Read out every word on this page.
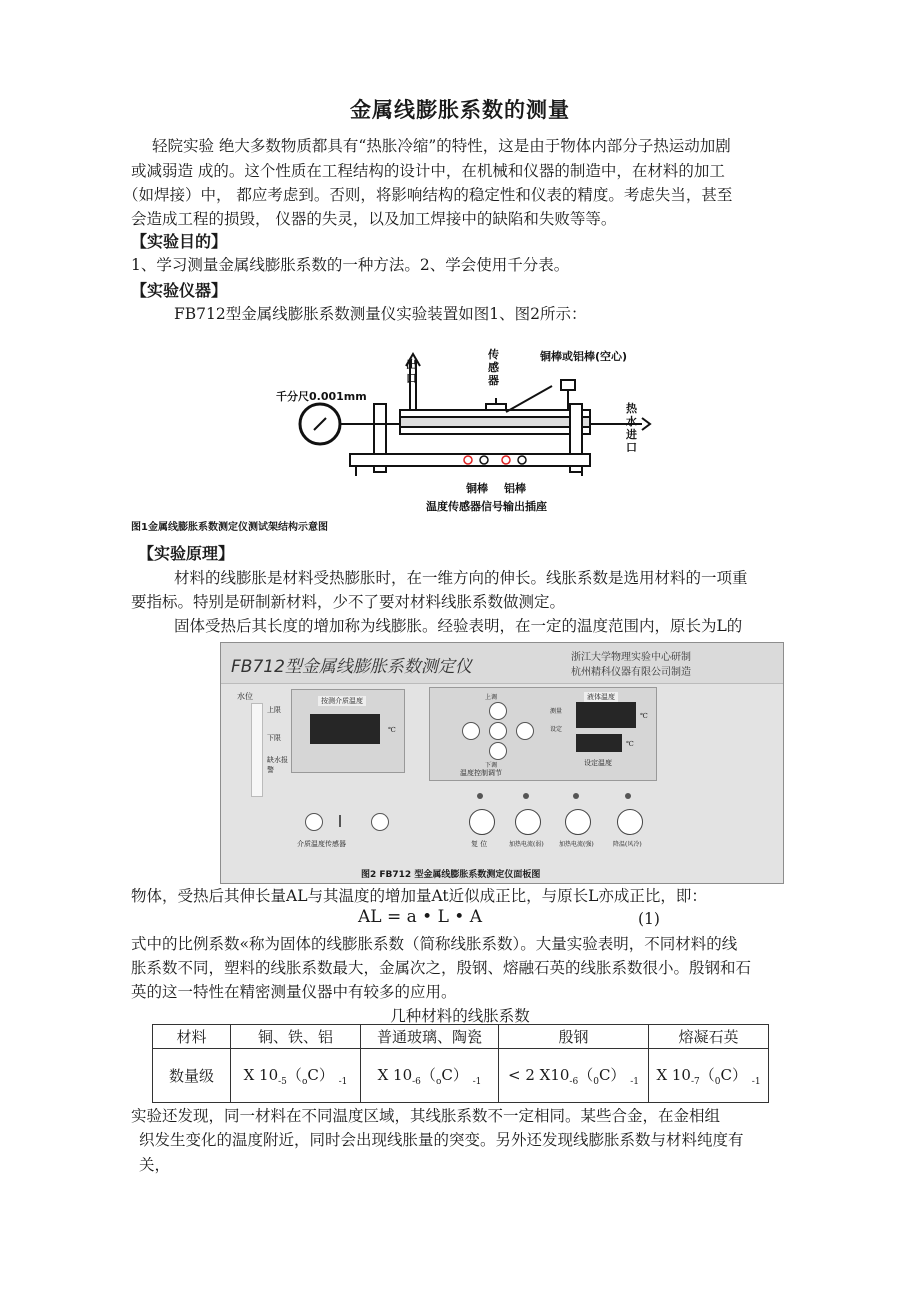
金属线膨胀系数的测量
轻院实验 绝大多数物质都具有“热胀冷缩”的特性，这是由于物体内部分子热运动加剧
或减弱造 成的。这个性质在工程结构的设计中，在机械和仪器的制造中，在材料的加工
（如焊接）中， 都应考虑到。否则，将影响结构的稳定性和仪表的精度。考虑失当，甚至
会造成工程的损毁， 仪器的失灵，以及加工焊接中的缺陷和失败等等。
【实验目的】
1、学习测量金属线膨胀系数的一种方法。2、学会使用千分表。
【实验仪器】
FB712型金属线膨胀系数测量仪实验装置如图1、图2所示：
出
口
传
感
器
铜棒或铝棒(空心)
千分尺0.001mm
热
水
进
口
铜棒 铝棒
温度传感器信号输出插座
图1金属线膨胀系数测定仪测试架结构示意图
【实验原理】
材料的线膨胀是材料受热膨胀时，在一维方向的伸长。线胀系数是选用材料的一项重
要指标。特别是研制新材料，少不了要对材料线胀系数做测定。
固体受热后其长度的增加称为线膨胀。经验表明，在一定的温度范围内，原长为L的
FB712型金属线膨胀系数测定仪	浙江大学物理实验中心研制
杭州精科仪器有限公司制造
水位
上限
下限
缺水报警
按测介质温度
℃
上调
下调
温度控制调节
测量
设定
液体温度
℃
℃
设定温度
介质温度传感器	复 位	加热电流(弱)	加热电流(强)	降温(风冷)
图2 FB712 型金属线膨胀系数测定仪面板图
物体，受热后其伸长量AL与其温度的增加量At近似成正比，与原长L亦成正比，即：
AL = a • L • A	(1)
式中的比例系数«称为固体的线膨胀系数（简称线胀系数）。大量实验表明，不同材料的线
胀系数不同，塑料的线胀系数最大，金属次之，殷钢、熔融石英的线胀系数很小。殷钢和石
英的这一特性在精密测量仪器中有较多的应用。
几种材料的线胀系数
材料	铜、铁、铝	普通玻璃、陶瓷	殷钢	熔凝石英
数量级	X $10_{-5}(_oC)$ $_{-1}$	X $10_{-6}(_oC)$ $_{-1}$	< 2 $X10_{-6}(_0C)$ $_{-1}$	X $10_{-7}(_0C)$ $_{-1}$
实验还发现，同一材料在不同温度区域，其线胀系数不一定相同。某些合金，在金相组
织发生变化的温度附近，同时会出现线胀量的突变。另外还发现线膨胀系数与材料纯度有
关，
